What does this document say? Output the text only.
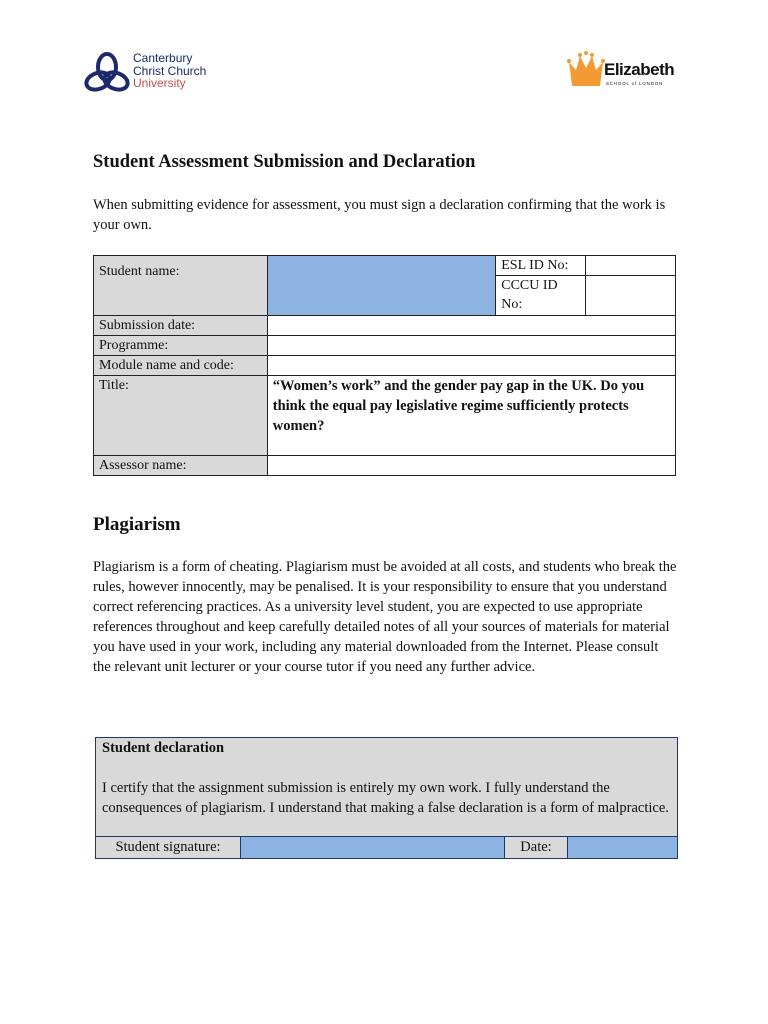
Canterbury
Christ Church
University
Elizabeth
SCHOOL of LONDON
Student Assessment Submission and Declaration
When submitting evidence for assessment, you must sign a declaration confirming that the work is your own.
Student name:		ESL ID No:	
		CCCU ID No:	
Submission date:			
Programme:			
Module name and code:			
Title:	“Women’s work” and the gender pay gap in the UK. Do you think the equal pay legislative regime sufficiently protects women?		
Assessor name:			
Plagiarism
Plagiarism is a form of cheating. Plagiarism must be avoided at all costs, and students who break the rules, however innocently, may be penalised. It is your responsibility to ensure that you understand correct referencing practices. As a university level student, you are expected to use appropriate references throughout and keep carefully detailed notes of all your sources of materials for material you have used in your work, including any material downloaded from the Internet. Please consult the relevant unit lecturer or your course tutor if you need any further advice.
Student declaration
I certify that the assignment submission is entirely my own work. I fully understand the consequences of plagiarism. I understand that making a false declaration is a form of malpractice.
Student signature:	Date:
